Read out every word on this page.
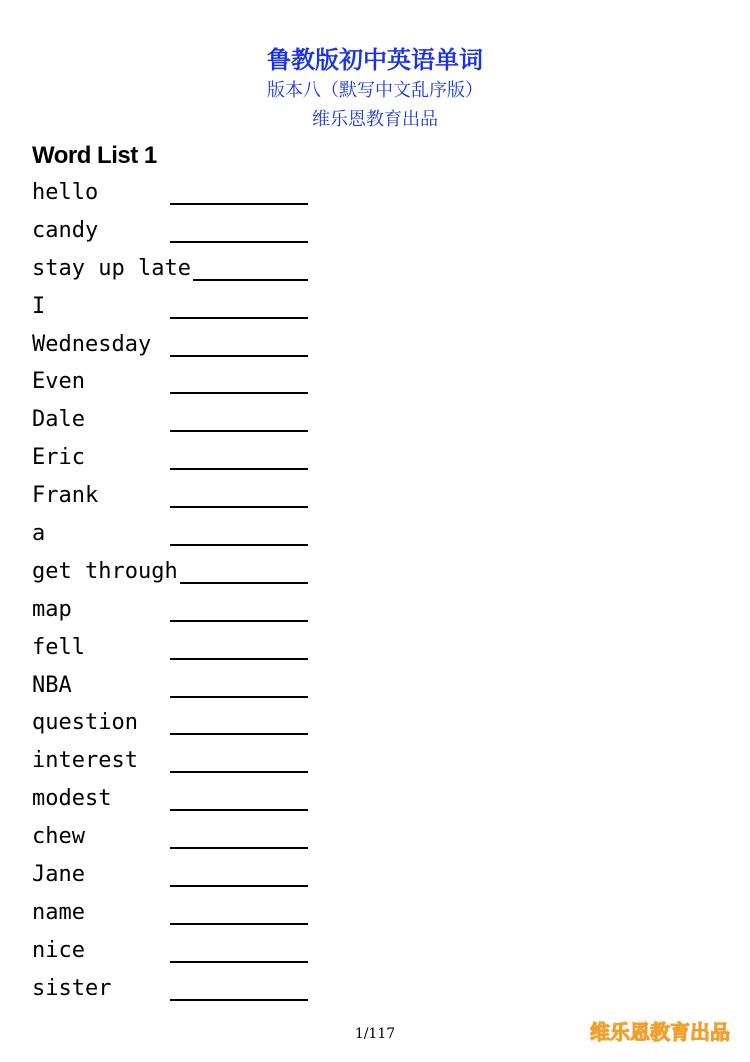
鲁教版初中英语单词
版本八（默写中文乱序版）
维乐恩教育出品
Word List 1
hello
candy
stay up late
I
Wednesday
Even
Dale
Eric
Frank
a
get through
map
fell
NBA
question
interest
modest
chew
Jane
name
nice
sister
1/117	维乐恩教育出品
